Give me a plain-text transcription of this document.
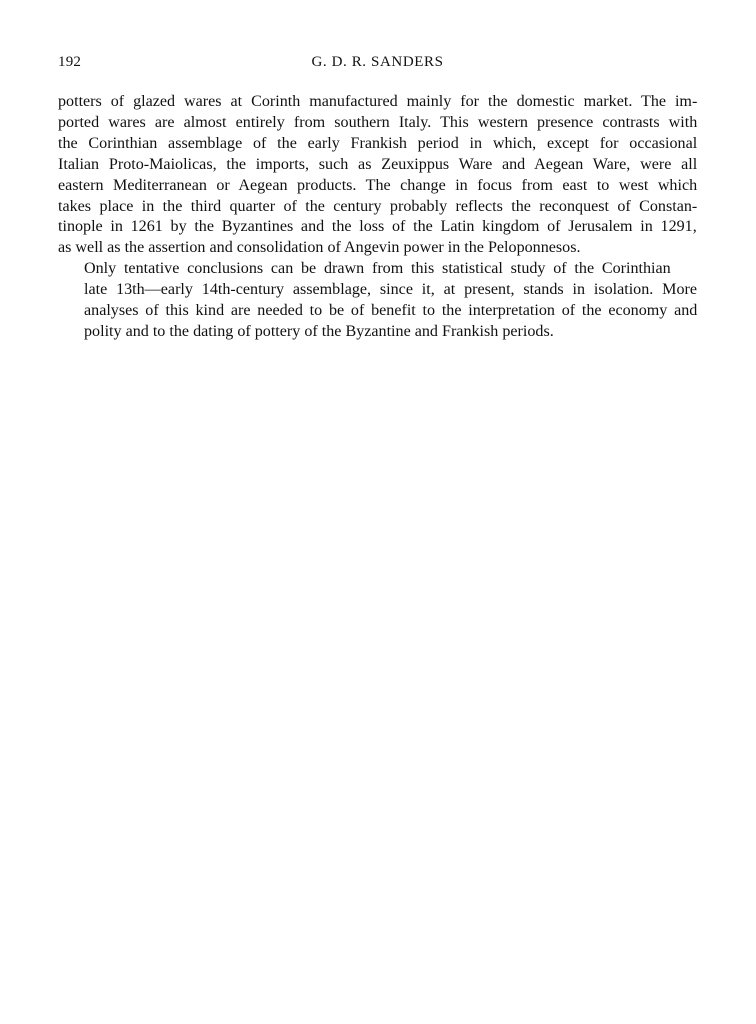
192	G. D. R. SANDERS

potters of glazed wares at Corinth manufactured mainly for the domestic market. The im-
ported wares are almost entirely from southern Italy. This western presence contrasts with
the Corinthian assemblage of the early Frankish period in which, except for occasional
Italian Proto-Maiolicas, the imports, such as Zeuxippus Ware and Aegean Ware, were all
eastern Mediterranean or Aegean products. The change in focus from east to west which
takes place in the third quarter of the century probably reflects the reconquest of Constan-
tinople in 1261 by the Byzantines and the loss of the Latin kingdom of Jerusalem in 1291,
as well as the assertion and consolidation of Angevin power in the Peloponnesos.

Only tentative conclusions can be drawn from this statistical study of the Corinthian
late 13th—early 14th-century assemblage, since it, at present, stands in isolation. More
analyses of this kind are needed to be of benefit to the interpretation of the economy and
polity and to the dating of pottery of the Byzantine and Frankish periods.
